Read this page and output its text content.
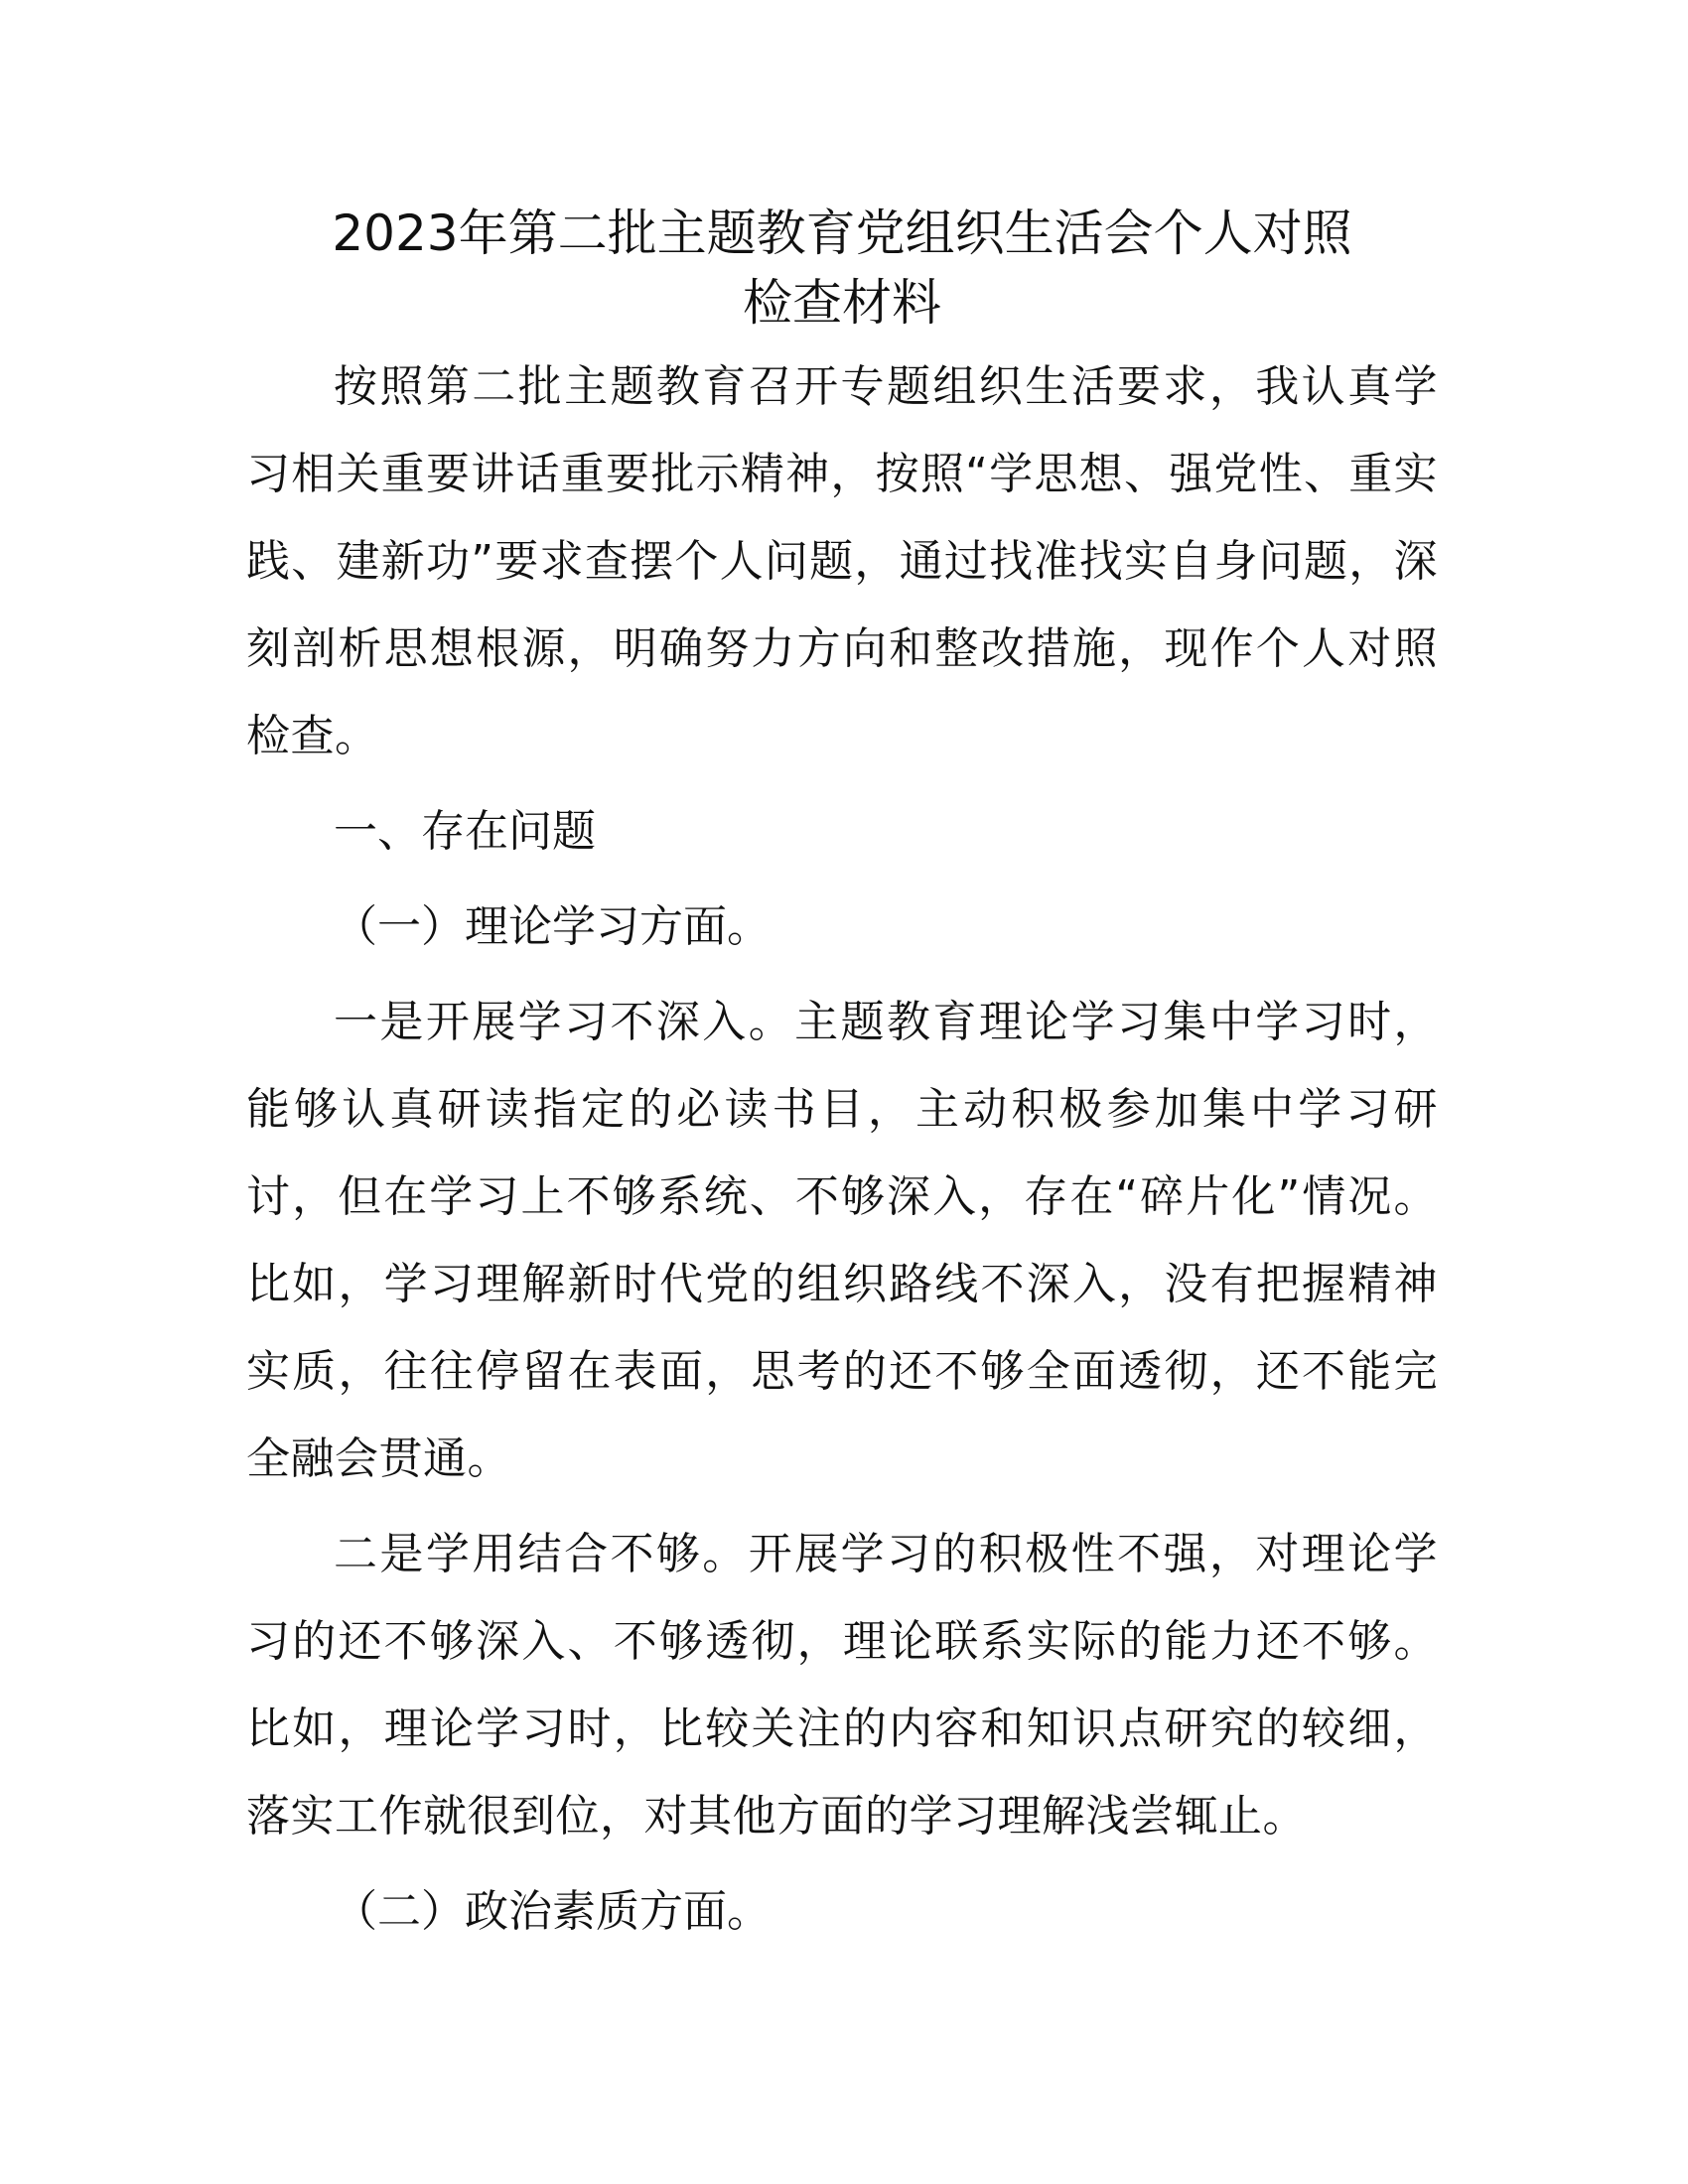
2023年第二批主题教育党组织生活会个人对照
检查材料

按照第二批主题教育召开专题组织生活要求，我认真学习相关重要讲话重要批示精神，按照“学思想、强党性、重实践、建新功”要求查摆个人问题，通过找准找实自身问题，深刻剖析思想根源，明确努力方向和整改措施，现作个人对照检查。

一、存在问题

（一）理论学习方面。

一是开展学习不深入。主题教育理论学习集中学习时，能够认真研读指定的必读书目，主动积极参加集中学习研讨，但在学习上不够系统、不够深入，存在“碎片化”情况。比如，学习理解新时代党的组织路线不深入，没有把握精神实质，往往停留在表面，思考的还不够全面透彻，还不能完全融会贯通。

二是学用结合不够。开展学习的积极性不强，对理论学习的还不够深入、不够透彻，理论联系实际的能力还不够。比如，理论学习时，比较关注的内容和知识点研究的较细，落实工作就很到位，对其他方面的学习理解浅尝辄止。

（二）政治素质方面。
